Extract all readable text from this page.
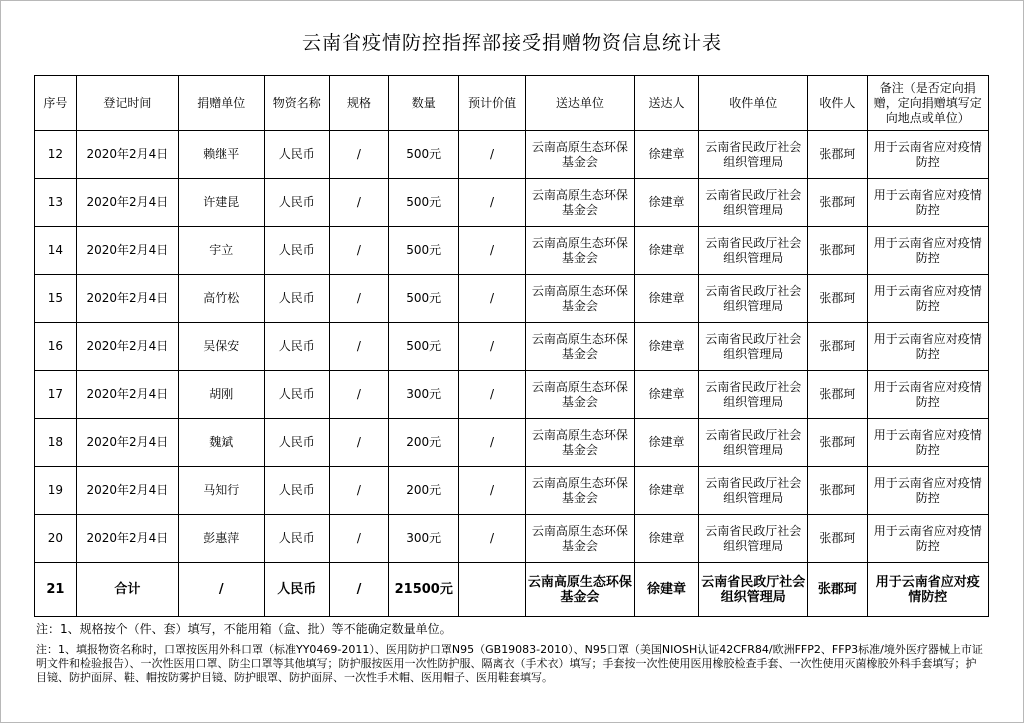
云南省疫情防控指挥部接受捐赠物资信息统计表
序号	登记时间	捐赠单位	物资名称	规格	数量	预计价值	送达单位	送达人	收件单位	收件人	备注（是否定向捐赠，定向捐赠填写定向地点或单位）
12	2020年2月4日	赖继平	人民币	/	500元	/	云南高原生态环保基金会	徐建章	云南省民政厅社会组织管理局	张郡珂	用于云南省应对疫情防控
13	2020年2月4日	许建昆	人民币	/	500元	/	云南高原生态环保基金会	徐建章	云南省民政厅社会组织管理局	张郡珂	用于云南省应对疫情防控
14	2020年2月4日	宇立	人民币	/	500元	/	云南高原生态环保基金会	徐建章	云南省民政厅社会组织管理局	张郡珂	用于云南省应对疫情防控
15	2020年2月4日	高竹松	人民币	/	500元	/	云南高原生态环保基金会	徐建章	云南省民政厅社会组织管理局	张郡珂	用于云南省应对疫情防控
16	2020年2月4日	吴保安	人民币	/	500元	/	云南高原生态环保基金会	徐建章	云南省民政厅社会组织管理局	张郡珂	用于云南省应对疫情防控
17	2020年2月4日	胡刚	人民币	/	300元	/	云南高原生态环保基金会	徐建章	云南省民政厅社会组织管理局	张郡珂	用于云南省应对疫情防控
18	2020年2月4日	魏斌	人民币	/	200元	/	云南高原生态环保基金会	徐建章	云南省民政厅社会组织管理局	张郡珂	用于云南省应对疫情防控
19	2020年2月4日	马知行	人民币	/	200元	/	云南高原生态环保基金会	徐建章	云南省民政厅社会组织管理局	张郡珂	用于云南省应对疫情防控
20	2020年2月4日	彭惠萍	人民币	/	300元	/	云南高原生态环保基金会	徐建章	云南省民政厅社会组织管理局	张郡珂	用于云南省应对疫情防控
21	合计	/	人民币	/	21500元		云南高原生态环保基金会	徐建章	云南省民政厅社会组织管理局	张郡珂	用于云南省应对疫情防控
注：1、规格按个（件、套）填写，不能用箱（盒、批）等不能确定数量单位。
注：1、填报物资名称时，口罩按医用外科口罩（标准YY0469-2011）、医用防护口罩N95（GB19083-2010）、N95口罩（美国NIOSH认证42CFR84/欧洲FFP2、FFP3标准/境外医疗器械上市证明文件和检验报告）、一次性医用口罩、防尘口罩等其他填写；防护服按医用一次性防护服、隔离衣（手术衣）填写；手套按一次性使用医用橡胶检查手套、一次性使用灭菌橡胶外科手套填写；护目镜、防护面屏、鞋、帽按防雾护目镜、防护眼罩、防护面屏、一次性手术帽、医用帽子、医用鞋套填写。
